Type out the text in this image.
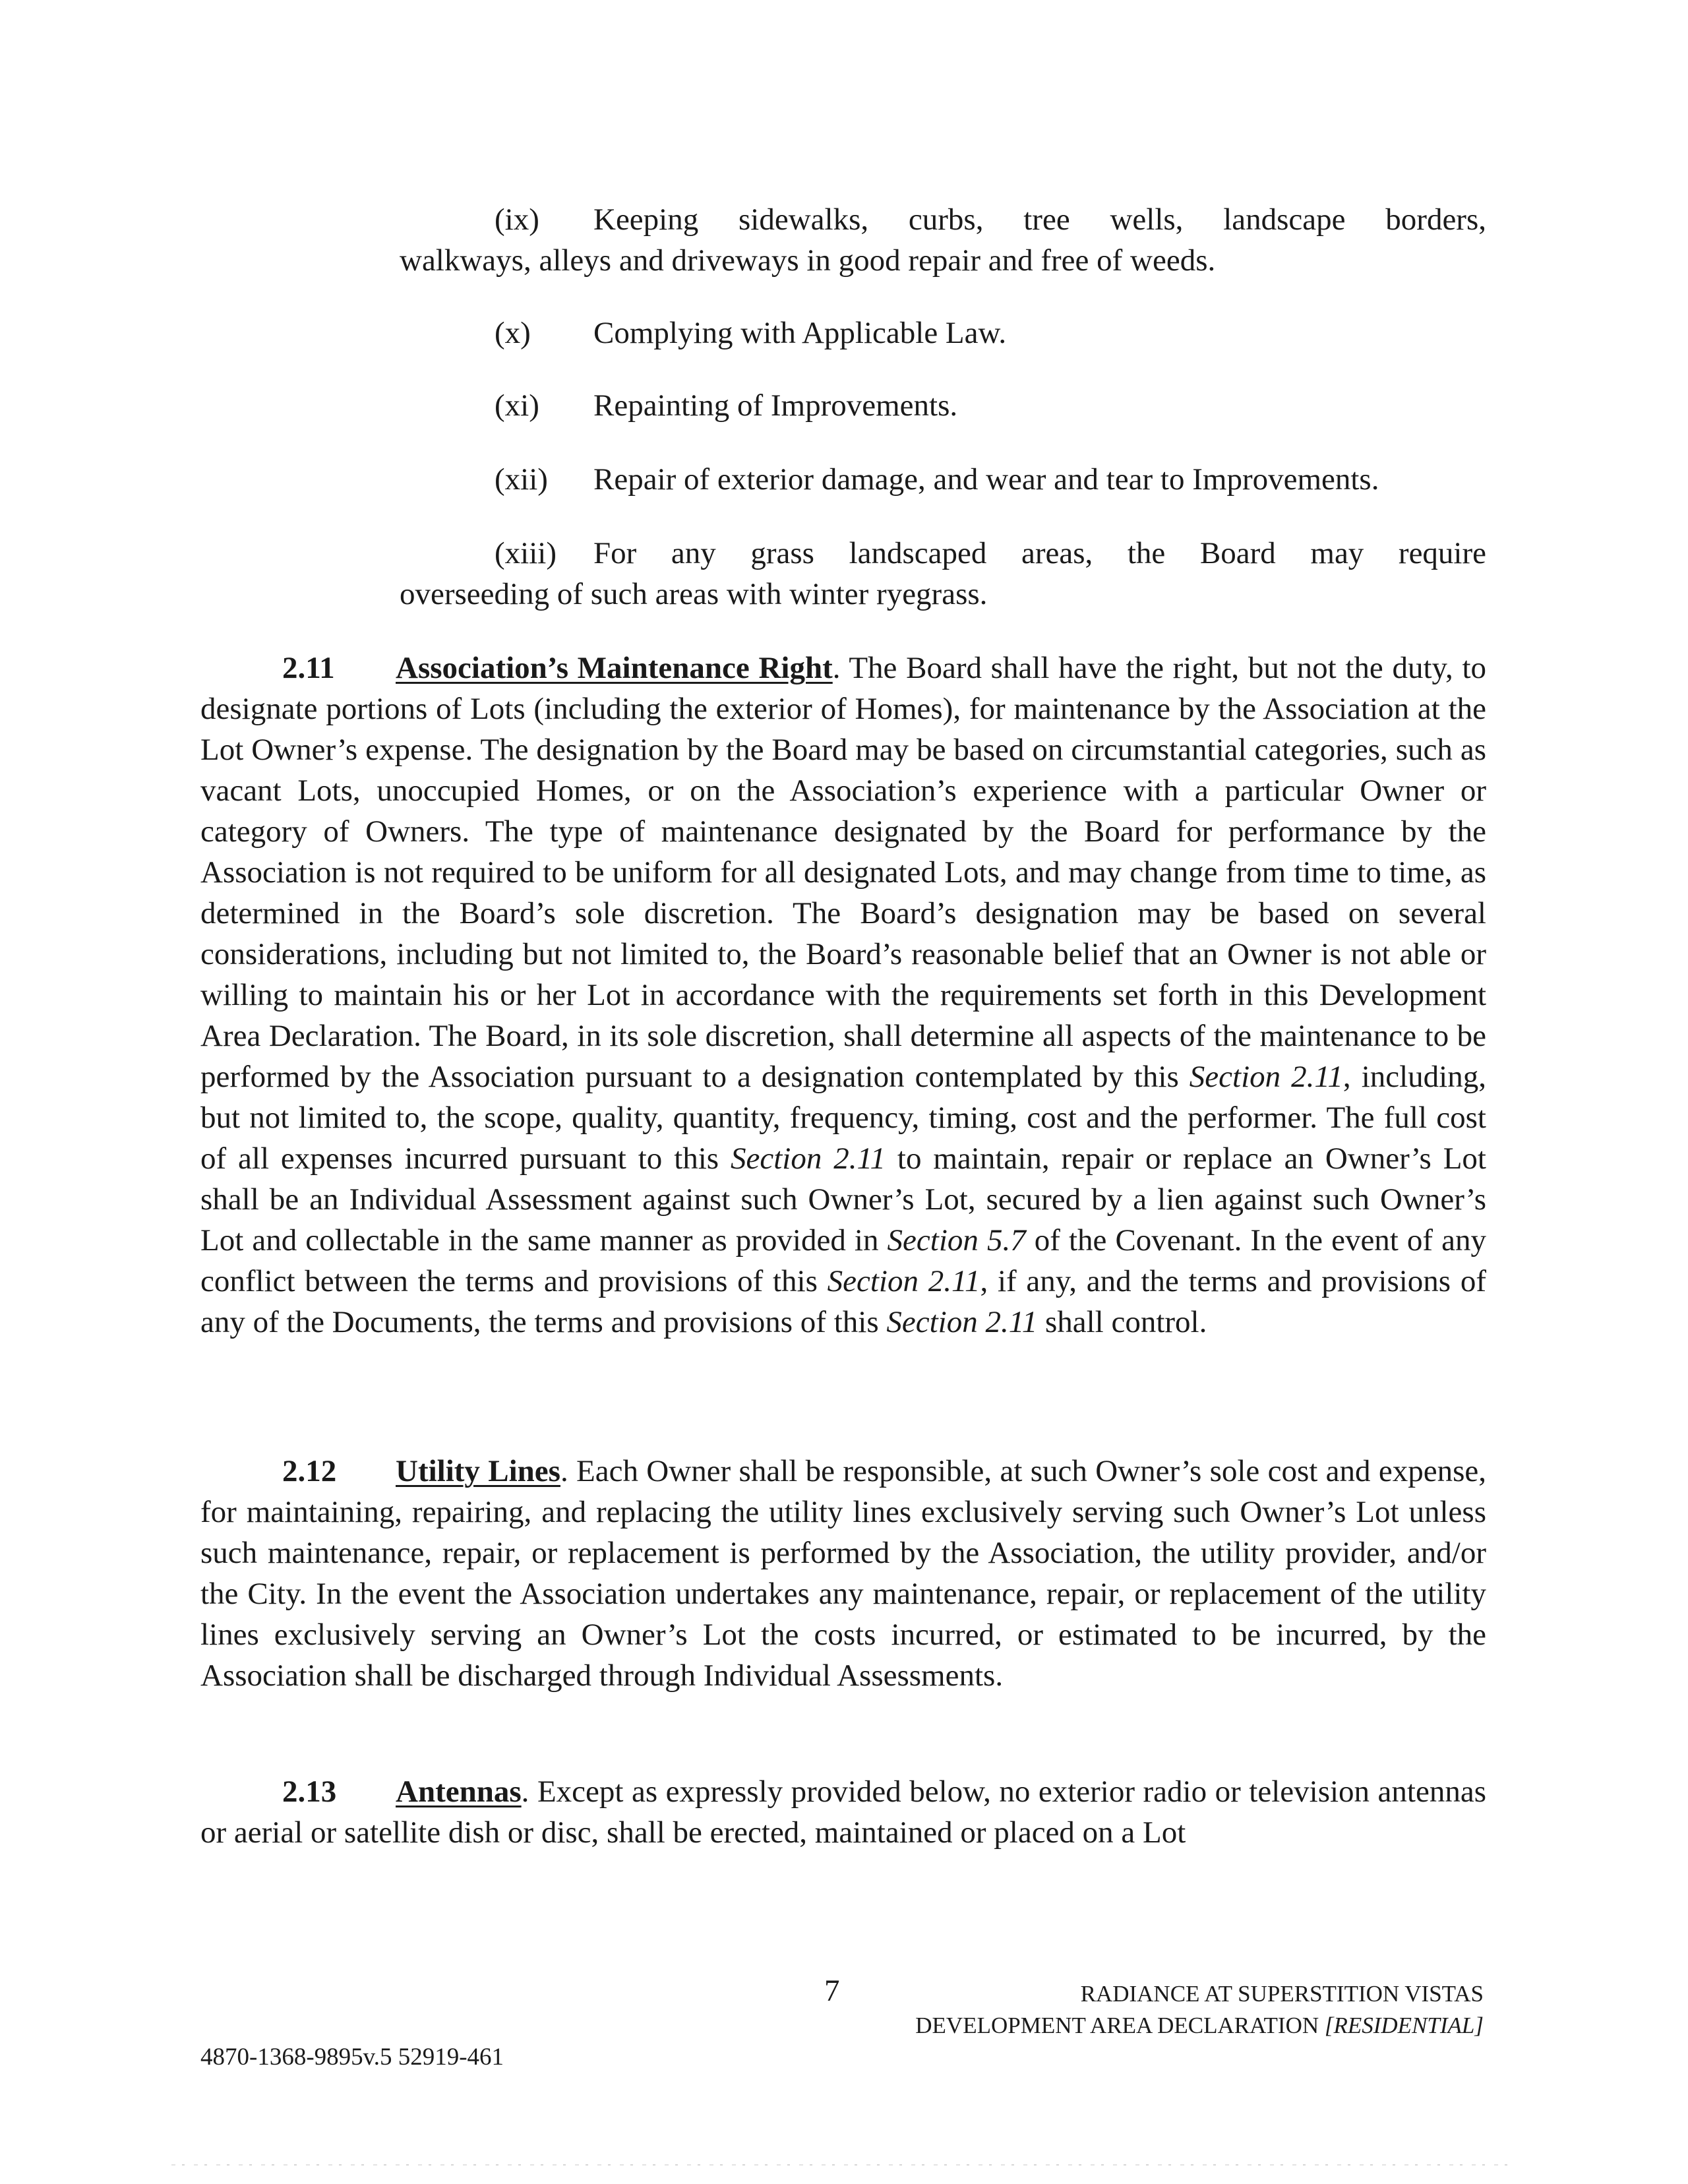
(ix) Keeping sidewalks, curbs, tree wells, landscape borders,
walkways, alleys and driveways in good repair and free of weeds.
(x) Complying with Applicable Law.
(xi) Repainting of Improvements.
(xii) Repair of exterior damage, and wear and tear to Improvements.
(xiii) For any grass landscaped areas, the Board may require
overseeding of such areas with winter ryegrass.
2.11 Association’s Maintenance Right. The Board shall have the right, but not the duty, to designate portions of Lots (including the exterior of Homes), for maintenance by the Association at the Lot Owner’s expense. The designation by the Board may be based on circumstantial categories, such as vacant Lots, unoccupied Homes, or on the Association’s experience with a particular Owner or category of Owners. The type of maintenance designated by the Board for performance by the Association is not required to be uniform for all designated Lots, and may change from time to time, as determined in the Board’s sole discretion. The Board’s designation may be based on several considerations, including but not limited to, the Board’s reasonable belief that an Owner is not able or willing to maintain his or her Lot in accordance with the requirements set forth in this Development Area Declaration. The Board, in its sole discretion, shall determine all aspects of the maintenance to be performed by the Association pursuant to a designation contemplated by this Section 2.11, including, but not limited to, the scope, quality, quantity, frequency, timing, cost and the performer. The full cost of all expenses incurred pursuant to this Section 2.11 to maintain, repair or replace an Owner’s Lot shall be an Individual Assessment against such Owner’s Lot, secured by a lien against such Owner’s Lot and collectable in the same manner as provided in Section 5.7 of the Covenant. In the event of any conflict between the terms and provisions of this Section 2.11, if any, and the terms and provisions of any of the Documents, the terms and provisions of this Section 2.11 shall control.
2.12 Utility Lines. Each Owner shall be responsible, at such Owner’s sole cost and expense, for maintaining, repairing, and replacing the utility lines exclusively serving such Owner’s Lot unless such maintenance, repair, or replacement is performed by the Association, the utility provider, and/or the City. In the event the Association undertakes any maintenance, repair, or replacement of the utility lines exclusively serving an Owner’s Lot the costs incurred, or estimated to be incurred, by the Association shall be discharged through Individual Assessments.
2.13 Antennas. Except as expressly provided below, no exterior radio or television antennas or aerial or satellite dish or disc, shall be erected, maintained or placed on a Lot
7	RADIANCE AT SUPERSTITION VISTAS
DEVELOPMENT AREA DECLARATION [RESIDENTIAL]
4870-1368-9895v.5 52919-461
